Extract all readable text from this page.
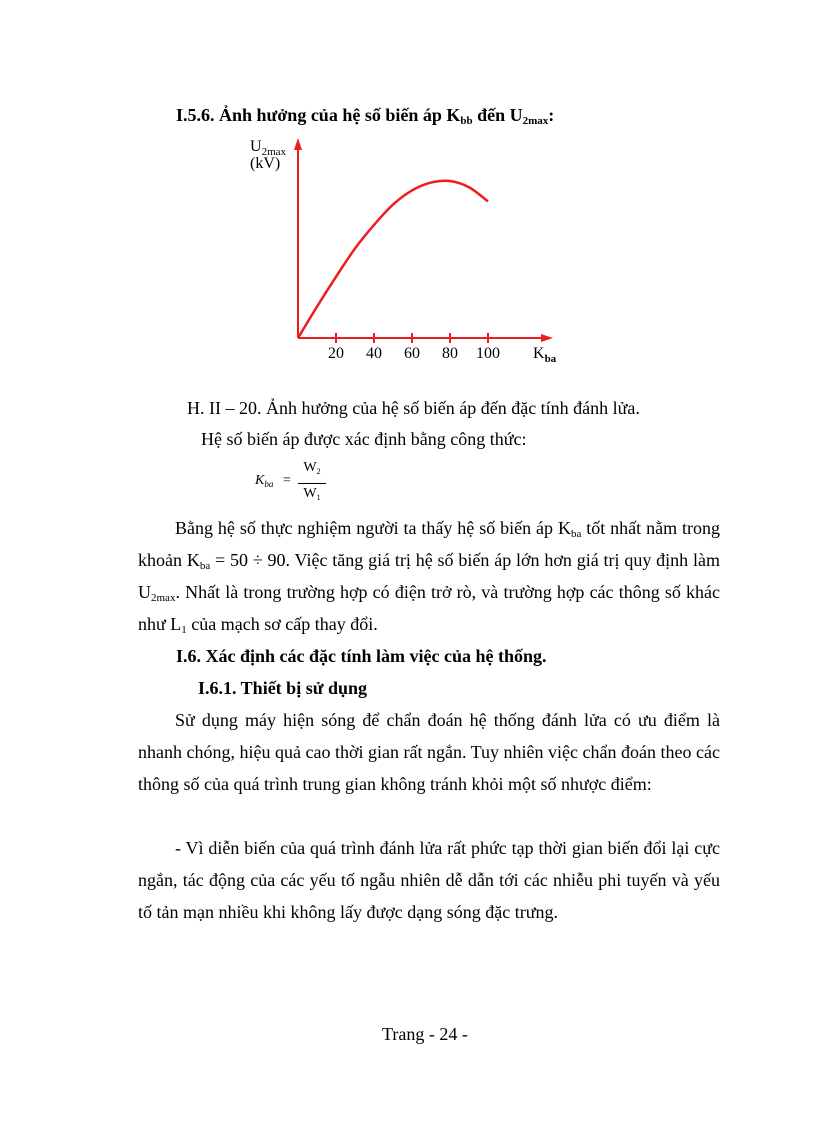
I.5.6. Ảnh hưởng của hệ số biến áp $K_{bb}$ đến $U_{2max}$:
20 40 60 80 100
$U_{2max}$
(kV)
$K_{ba}$
H. II – 20. Ảnh hưởng của hệ số biến áp đến đặc tính đánh lửa.
Hệ số biến áp được xác định bằng công thức:
$K_{ba}$ =
$W_2$
$W_1$

Bằng hệ số thực nghiệm người ta thấy hệ số biến áp $K_{ba}$ tốt nhất nằm trong khoản $K_{ba} = 50 \div 90$. Việc tăng giá trị hệ số biến áp lớn hơn giá trị quy định làm $U_{2max}$. Nhất là trong trường hợp có điện trở rò, và trường hợp các thông số khác như $L_1$ của mạch sơ cấp thay đổi.

I.6. Xác định các đặc tính làm việc của hệ thống.
I.6.1. Thiết bị sử dụng

Sử dụng máy hiện sóng để chẩn đoán hệ thống đánh lửa có ưu điểm là nhanh chóng, hiệu quả cao thời gian rất ngắn. Tuy nhiên việc chẩn đoán theo các thông số của quá trình trung gian không tránh khỏi một số nhược điểm:

- Vì diễn biến của quá trình đánh lửa rất phức tạp thời gian biến đổi lại cực ngắn, tác động của các yếu tố ngẫu nhiên dễ dẫn tới các nhiễu phi tuyến và yếu tố tản mạn nhiều khi không lấy được dạng sóng đặc trưng.

Trang - 24 -
